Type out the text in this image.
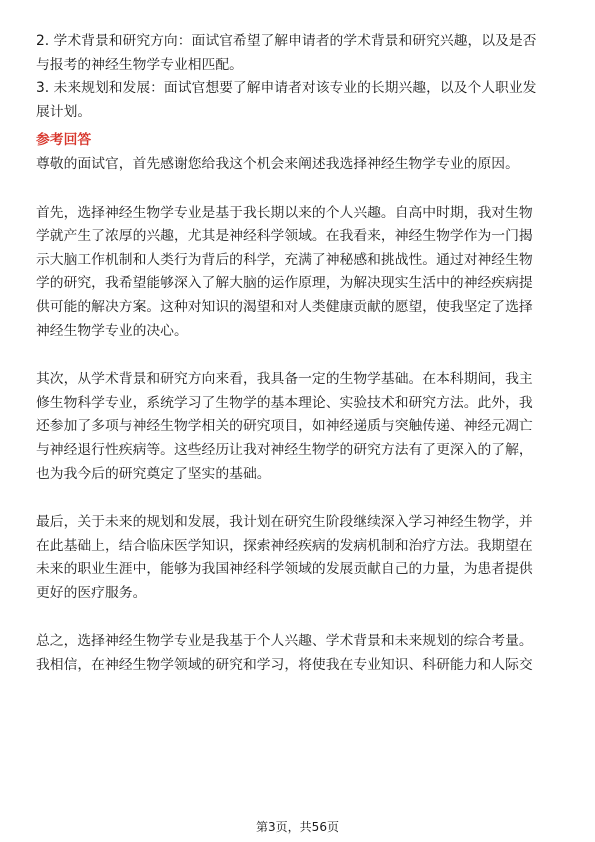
2. 学术背景和研究方向：面试官希望了解申请者的学术背景和研究兴趣，以及是否

与报考的神经生物学专业相匹配。

3. 未来规划和发展：面试官想要了解申请者对该专业的长期兴趣，以及个人职业发

展计划。

参考回答

尊敬的面试官，首先感谢您给我这个机会来阐述我选择神经生物学专业的原因。

首先，选择神经生物学专业是基于我长期以来的个人兴趣。自高中时期，我对生物

学就产生了浓厚的兴趣，尤其是神经科学领域。在我看来，神经生物学作为一门揭

示大脑工作机制和人类行为背后的科学，充满了神秘感和挑战性。通过对神经生物

学的研究，我希望能够深入了解大脑的运作原理，为解决现实生活中的神经疾病提

供可能的解决方案。这种对知识的渴望和对人类健康贡献的愿望，使我坚定了选择

神经生物学专业的决心。

其次，从学术背景和研究方向来看，我具备一定的生物学基础。在本科期间，我主

修生物科学专业，系统学习了生物学的基本理论、实验技术和研究方法。此外，我

还参加了多项与神经生物学相关的研究项目，如神经递质与突触传递、神经元凋亡

与神经退行性疾病等。这些经历让我对神经生物学的研究方法有了更深入的了解，

也为我今后的研究奠定了坚实的基础。

最后，关于未来的规划和发展，我计划在研究生阶段继续深入学习神经生物学，并

在此基础上，结合临床医学知识，探索神经疾病的发病机制和治疗方法。我期望在

未来的职业生涯中，能够为我国神经科学领域的发展贡献自己的力量，为患者提供

更好的医疗服务。

总之，选择神经生物学专业是我基于个人兴趣、学术背景和未来规划的综合考量。

我相信，在神经生物学领域的研究和学习，将使我在专业知识、科研能力和人际交

第3页，共56页
